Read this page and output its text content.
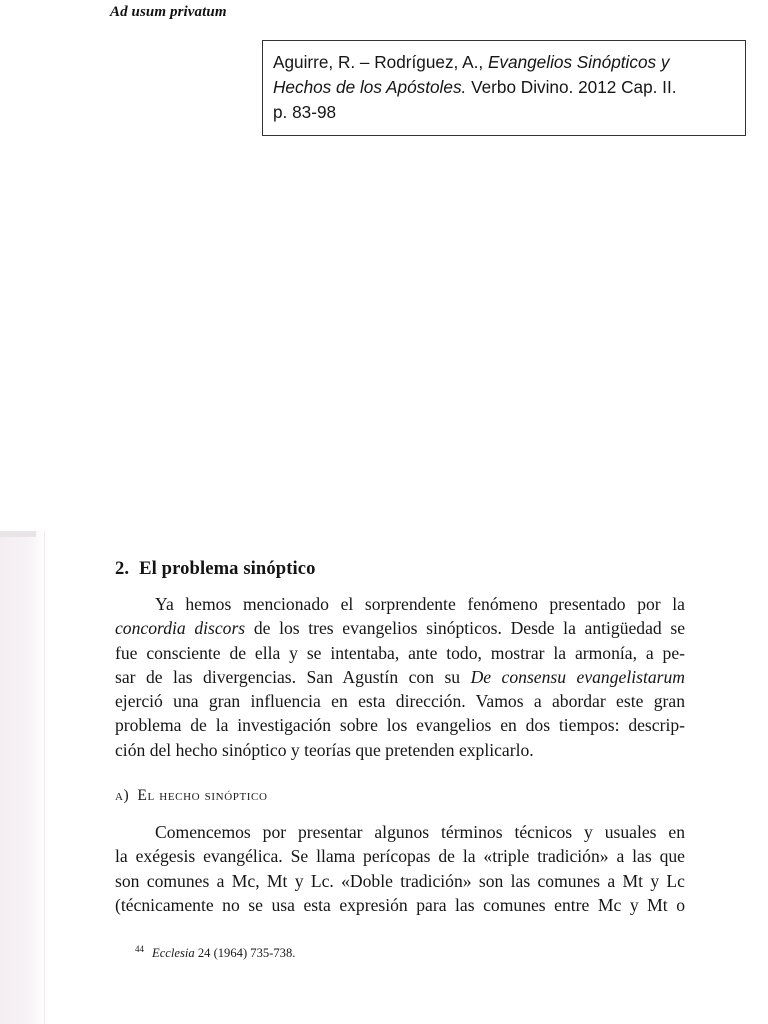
Ad usum privatum
Aguirre, R. – Rodríguez, A., Evangelios Sinópticos y
Hechos de los Apóstoles. Verbo Divino. 2012 Cap. II.
p. 83-98
2. El problema sinóptico
Ya hemos mencionado el sorprendente fenómeno presentado por la
concordia discors de los tres evangelios sinópticos. Desde la antigüedad se
fue consciente de ella y se intentaba, ante todo, mostrar la armonía, a pe-
sar de las divergencias. San Agustín con su De consensu evangelistarum
ejerció una gran influencia en esta dirección. Vamos a abordar este gran
problema de la investigación sobre los evangelios en dos tiempos: descrip-
ción del hecho sinóptico y teorías que pretenden explicarlo.
a) El hecho sinóptico
Comencemos por presentar algunos términos técnicos y usuales en
la exégesis evangélica. Se llama perícopas de la «triple tradición» a las que
son comunes a Mc, Mt y Lc. «Doble tradición» son las comunes a Mt y Lc
(técnicamente no se usa esta expresión para las comunes entre Mc y Mt o
$^{44}$ Ecclesia 24 (1964) 735-738.
